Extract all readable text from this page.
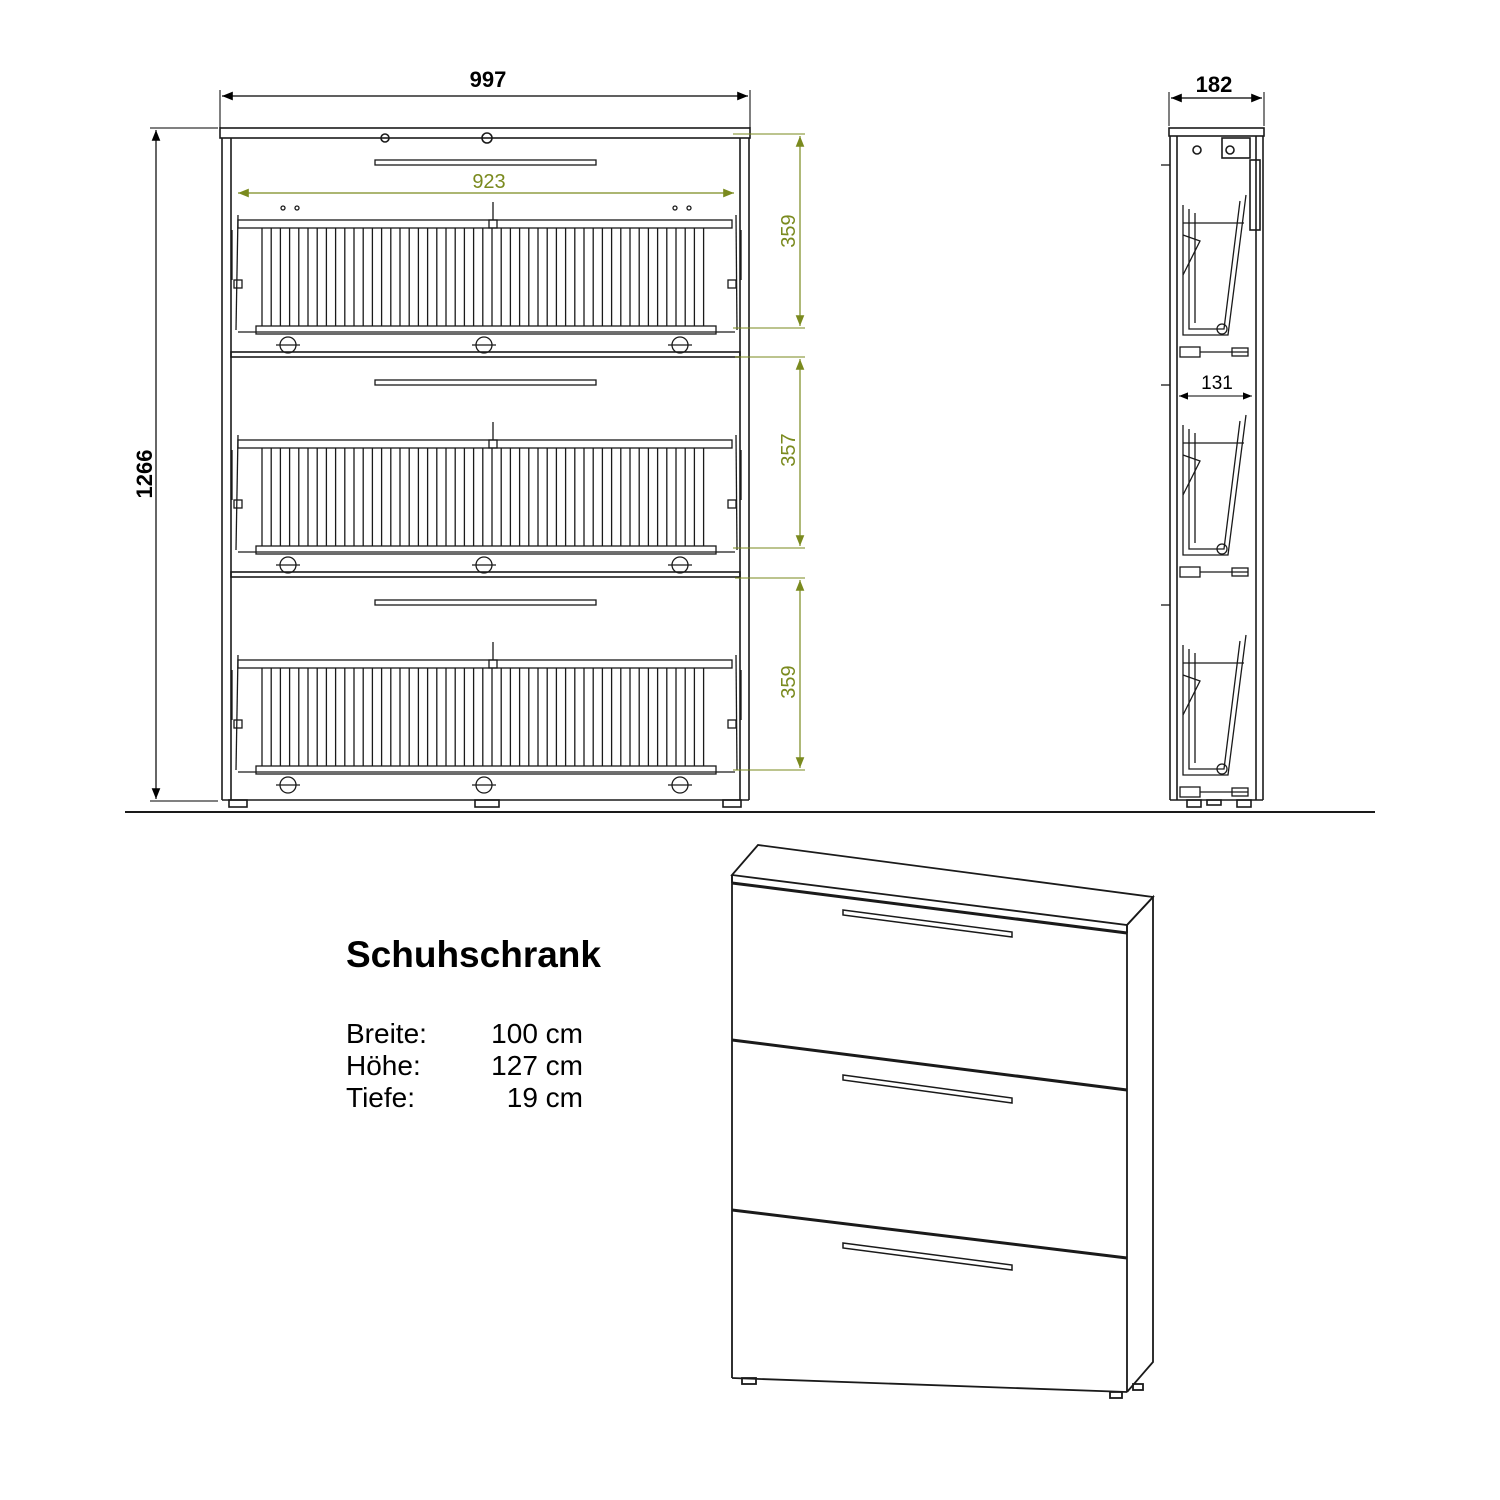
997
1266
923
359
357
359
182
131
Schuhschrank
Breite:	100 cm
Höhe:	127 cm
Tiefe:	19 cm
